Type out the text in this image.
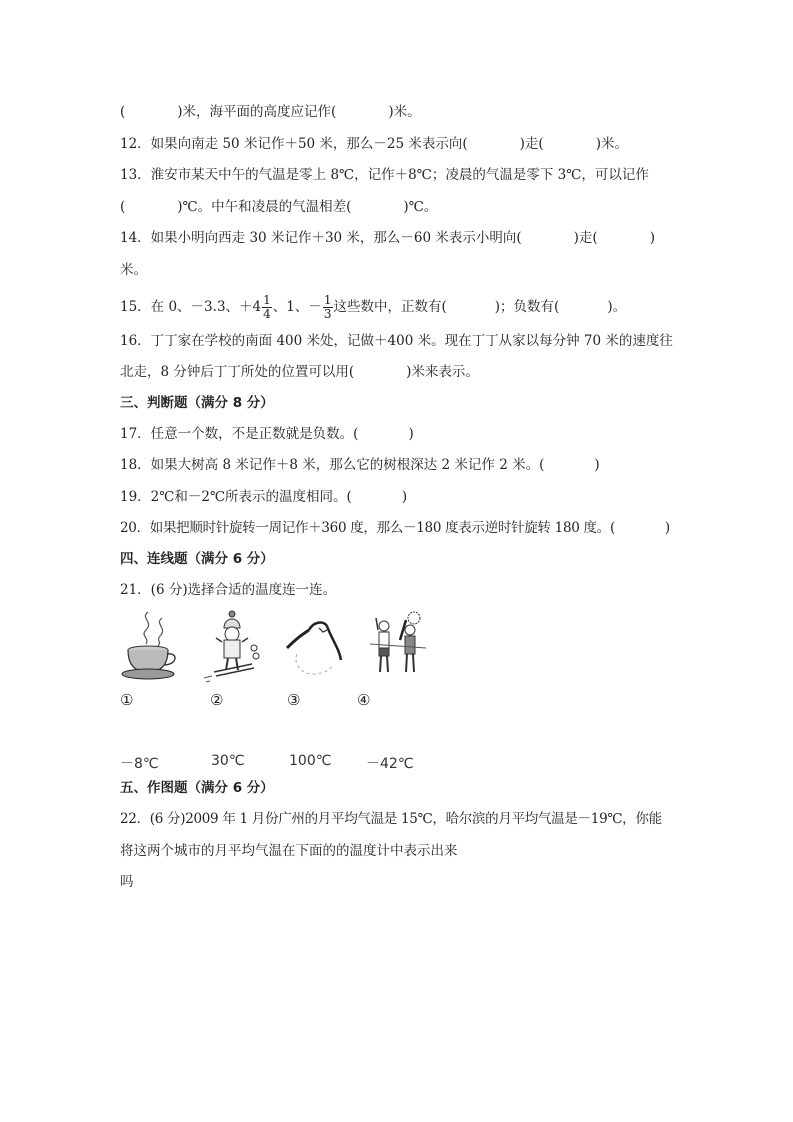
(	)米，海平面的高度应记作(	)米。
12．如果向南走 50 米记作＋50 米，那么－25 米表示向(	)走(	)米。
13．淮安市某天中午的气温是零上 8℃，记作＋8℃；凌晨的气温是零下 3℃，可以记作
(	)℃。中午和凌晨的气温相差(	)℃。
14．如果小明向西走 30 米记作＋30 米，那么－60 米表示小明向(	)走(	)
米。
15．在 0、－3.3、$+4 \frac{1}{4}$ 、1、－ $\frac{1}{3}$ 这些数中，正数有(	)；负数有(	)。
16．丁丁家在学校的南面 400 米处，记做＋400 米。现在丁丁从家以每分钟 70 米的速度往
北走，8 分钟后丁丁所处的位置可以用(	)米来表示。
三、判断题（满分 8 分）
17．任意一个数，不是正数就是负数。(	)
18．如果大树高 8 米记作＋8 米，那么它的树根深达 2 米记作 2 米。(	)
19．2℃和－2℃所表示的温度相同。(	)
20．如果把顺时针旋转一周记作＋360 度，那么－180 度表示逆时针旋转 180 度。(	)
四、连线题（满分 6 分）
21．(6 分)选择合适的温度连一连。
①	②	③	④
－8℃	30℃	100℃ －42℃
五、作图题（满分 6 分）
22．(6 分)2009 年 1 月份广州的月平均气温是 15℃，哈尔滨的月平均气温是－19℃，你能
将这两个城市的月平均气温在下面的的温度计中表示出来
吗
